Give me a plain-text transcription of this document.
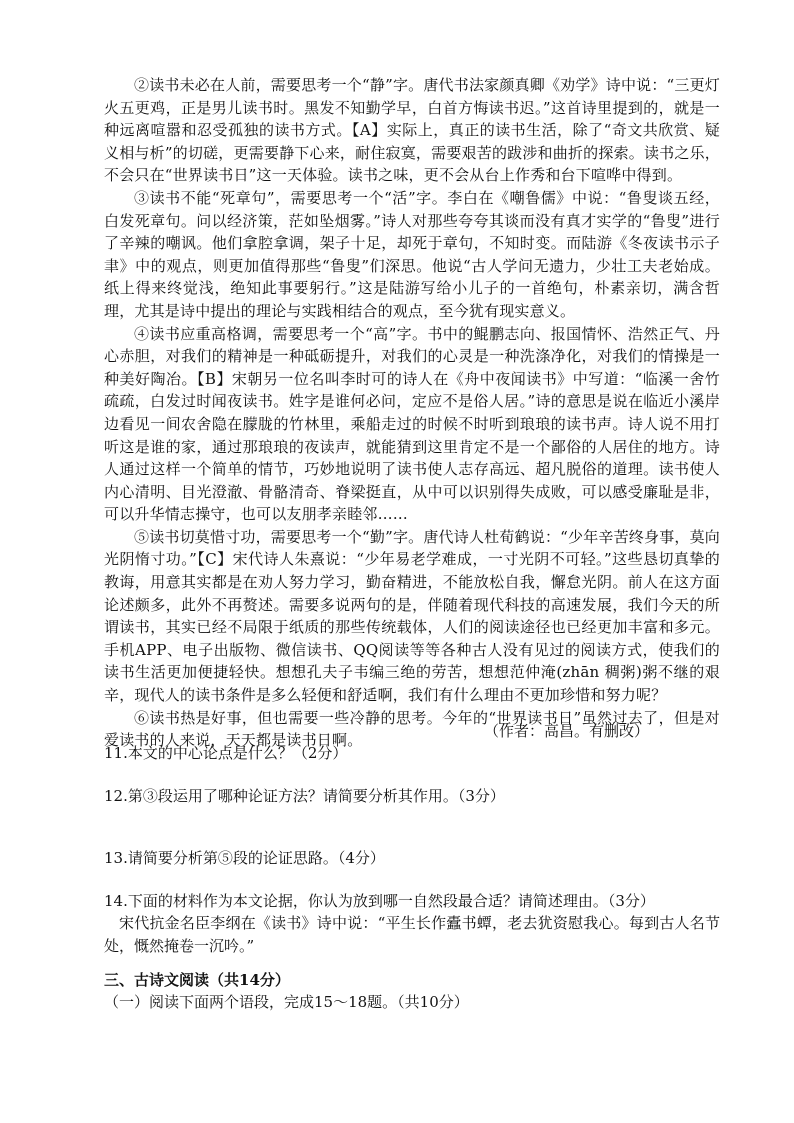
②读书未必在人前，需要思考一个“静”字。唐代书法家颜真卿《劝学》诗中说：“三更灯火五更鸡，正是男儿读书时。黑发不知勤学早，白首方悔读书迟。”这首诗里提到的，就是一种远离喧嚣和忍受孤独的读书方式。【A】实际上，真正的读书生活，除了“奇文共欣赏、疑义相与析”的切磋，更需要静下心来，耐住寂寞，需要艰苦的跋涉和曲折的探索。读书之乐，不会只在“世界读书日”这一天体验。读书之味，更不会从台上作秀和台下喧哗中得到。

③读书不能“死章句”，需要思考一个“活”字。李白在《嘲鲁儒》中说：“鲁叟谈五经，白发死章句。问以经济策，茫如坠烟雾。”诗人对那些夸夸其谈而没有真才实学的“鲁叟”进行了辛辣的嘲讽。他们拿腔拿调，架子十足，却死于章句，不知时变。而陆游《冬夜读书示子聿》中的观点，则更加值得那些“鲁叟”们深思。他说“古人学问无遗力，少壮工夫老始成。纸上得来终觉浅，绝知此事要躬行。”这是陆游写给小儿子的一首绝句，朴素亲切，满含哲理，尤其是诗中提出的理论与实践相结合的观点，至今犹有现实意义。

④读书应重高格调，需要思考一个“高”字。书中的鲲鹏志向、报国情怀、浩然正气、丹心赤胆，对我们的精神是一种砥砺提升，对我们的心灵是一种洗涤净化，对我们的情操是一种美好陶冶。【B】宋朝另一位名叫李时可的诗人在《舟中夜闻读书》中写道：“临溪一舍竹疏疏，白发过时闻夜读书。姓字是谁何必问，定应不是俗人居。”诗的意思是说在临近小溪岸边看见一间农舍隐在朦胧的竹林里，乘船走过的时候不时听到琅琅的读书声。诗人说不用打听这是谁的家，通过那琅琅的夜读声，就能猜到这里肯定不是一个鄙俗的人居住的地方。诗人通过这样一个简单的情节，巧妙地说明了读书使人志存高远、超凡脱俗的道理。读书使人内心清明、目光澄澈、骨骼清奇、脊梁挺直，从中可以识别得失成败，可以感受廉耻是非，可以升华情志操守，也可以友朋孝亲睦邻……

⑤读书切莫惜寸功，需要思考一个“勤”字。唐代诗人杜荀鹤说：“少年辛苦终身事，莫向光阴惰寸功。”【C】宋代诗人朱熹说：“少年易老学难成，一寸光阴不可轻。”这些恳切真挚的教诲，用意其实都是在劝人努力学习，勤奋精进，不能放松自我，懈怠光阴。前人在这方面论述颇多，此外不再赘述。需要多说两句的是，伴随着现代科技的高速发展，我们今天的所谓读书，其实已经不局限于纸质的那些传统载体，人们的阅读途径也已经更加丰富和多元。手机APP、电子出版物、微信读书、QQ阅读等等各种古人没有见过的阅读方式，使我们的读书生活更加便捷轻快。想想孔夫子韦编三绝的劳苦，想想范仲淹(zhān 稠粥)粥不继的艰辛，现代人的读书条件是多么轻便和舒适啊，我们有什么理由不更加珍惜和努力呢？

⑥读书热是好事，但也需要一些冷静的思考。今年的“世界读书日”虽然过去了，但是对爱读书的人来说，天天都是读书日啊。

（作者：高昌。有删改）

11.本文的中心论点是什么？（2分）

12.第③段运用了哪种论证方法？请简要分析其作用。（3分）

13.请简要分析第⑤段的论证思路。（4分）

14.下面的材料作为本文论据，你认为放到哪一自然段最合适？请简述理由。（3分）

宋代抗金名臣李纲在《读书》诗中说：“平生长作蠹书蟫，老去犹资慰我心。每到古人名节处，慨然掩卷一沉吟。”

三、古诗文阅读（共14分）

（一）阅读下面两个语段，完成15～18题。（共10分）
